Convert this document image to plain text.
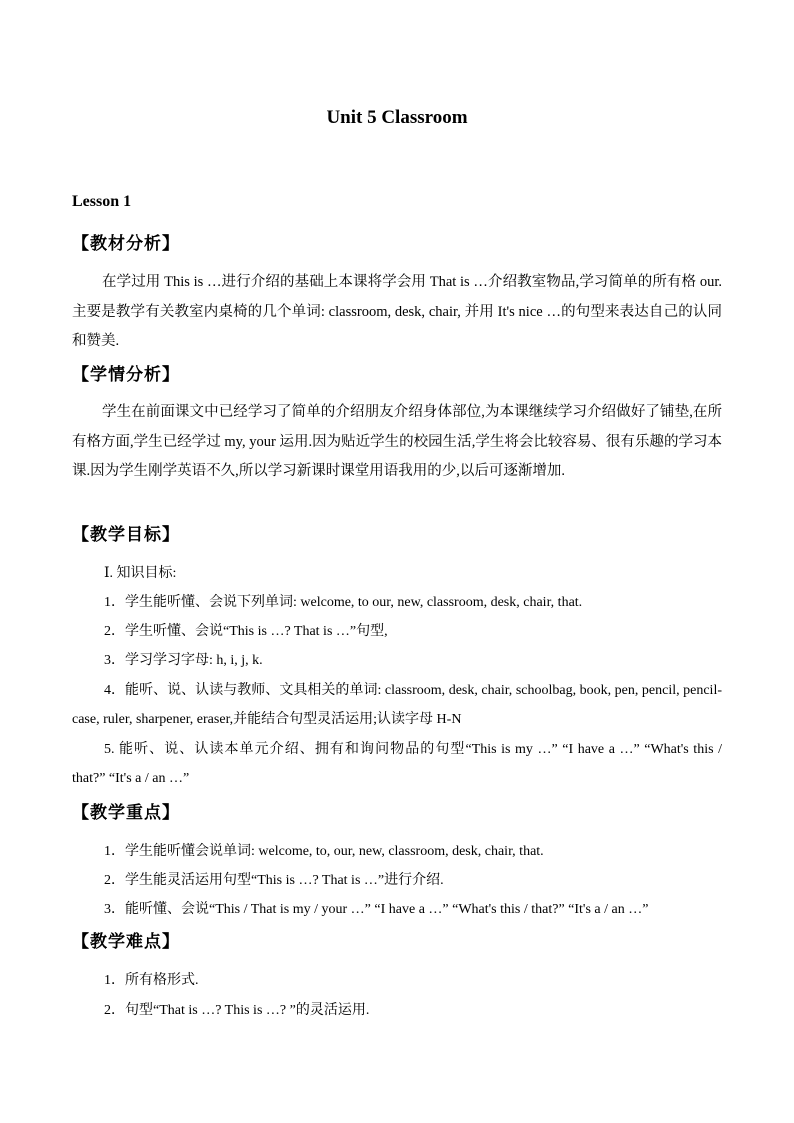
Unit 5 Classroom
Lesson 1
【教材分析】
在学过用 This is …进行介绍的基础上本课将学会用 That is …介绍教室物品,学习简单的所有格 our.主要是教学有关教室内桌椅的几个单词: classroom, desk, chair, 并用 It's nice …的句型来表达自己的认同和赞美.
【学情分析】
学生在前面课文中已经学习了简单的介绍朋友介绍身体部位,为本课继续学习介绍做好了铺垫,在所有格方面,学生已经学过 my, your 运用.因为贴近学生的校园生活,学生将会比较容易、很有乐趣的学习本课.因为学生刚学英语不久,所以学习新课时课堂用语我用的少,以后可逐渐增加.
【教学目标】
Ⅰ. 知识目标:
1．学生能听懂、会说下列单词: welcome, to our, new, classroom, desk, chair, that.
2．学生听懂、会说“This is …? That is …”句型,
3．学习学习字母: h, i, j, k.
4．能听、说、认读与教师、文具相关的单词: classroom, desk, chair, schoolbag, book, pen, pencil, pencil-case, ruler, sharpener, eraser,并能结合句型灵活运用;认读字母 H-N
5. 能听、说、认读本单元介绍、拥有和询问物品的句型“This is my …” “I have a …” “What's this / that?” “It's a / an …”
【教学重点】
1．学生能听懂会说单词: welcome, to, our, new, classroom, desk, chair, that.
2．学生能灵活运用句型“This is …? That is …”进行介绍.
3．能听懂、会说“This / That is my / your …” “I have a …” “What's this / that?” “It's a / an …”
【教学难点】
1．所有格形式.
2．句型“That is …? This is …? ”的灵活运用.
